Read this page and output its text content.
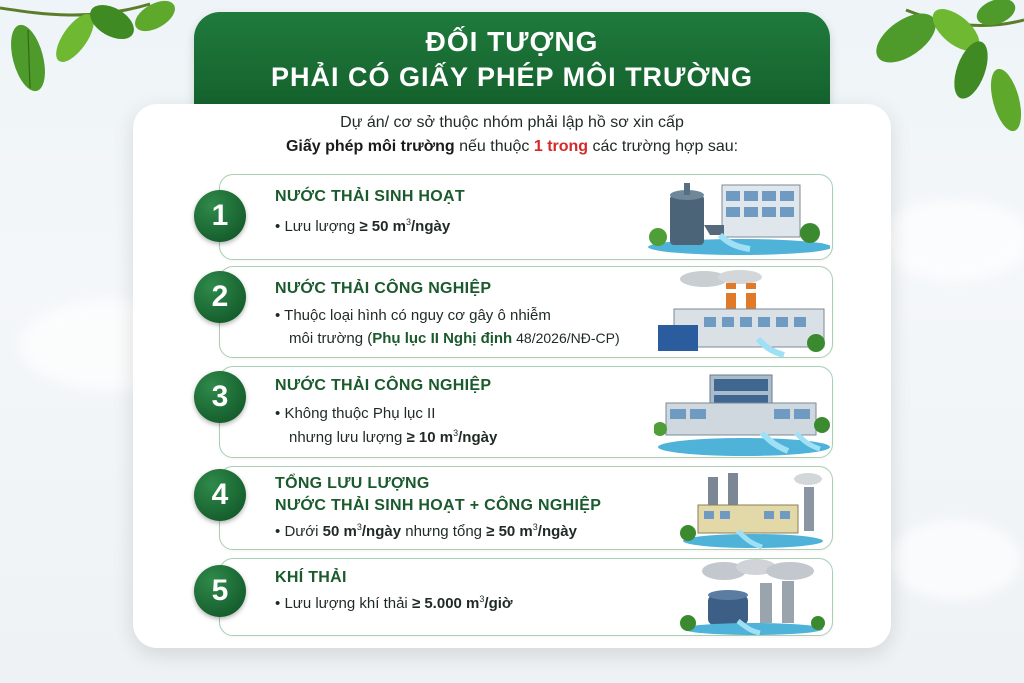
ĐỐI TƯỢNG
PHẢI CÓ GIẤY PHÉP MÔI TRƯỜNG
Dự án/ cơ sở thuộc nhóm phải lập hồ sơ xin cấp
Giấy phép môi trường nếu thuộc 1 trong các trường hợp sau:
1
NƯỚC THẢI SINH HOẠT
• Lưu lượng ≥ 50 $m^3$/ngày
2	NƯỚC THẢI CÔNG NGHIỆP
• Thuộc loại hình có nguy cơ gây ô nhiễm
môi trường (Phụ lục II Nghị định 48/2026/NĐ-CP)
3	NƯỚC THẢI CÔNG NGHIỆP
• Không thuộc Phụ lục II
nhưng lưu lượng ≥ 10 $m^3$/ngày
4	TỔNG LƯU LƯỢNG
NƯỚC THẢI SINH HOẠT + CÔNG NGHIỆP
• Dưới 50 $m^3$/ngày nhưng tổng ≥ 50 $m^3$/ngày
5	KHÍ THẢI
• Lưu lượng khí thải ≥ 5.000 $m^3$/giờ
